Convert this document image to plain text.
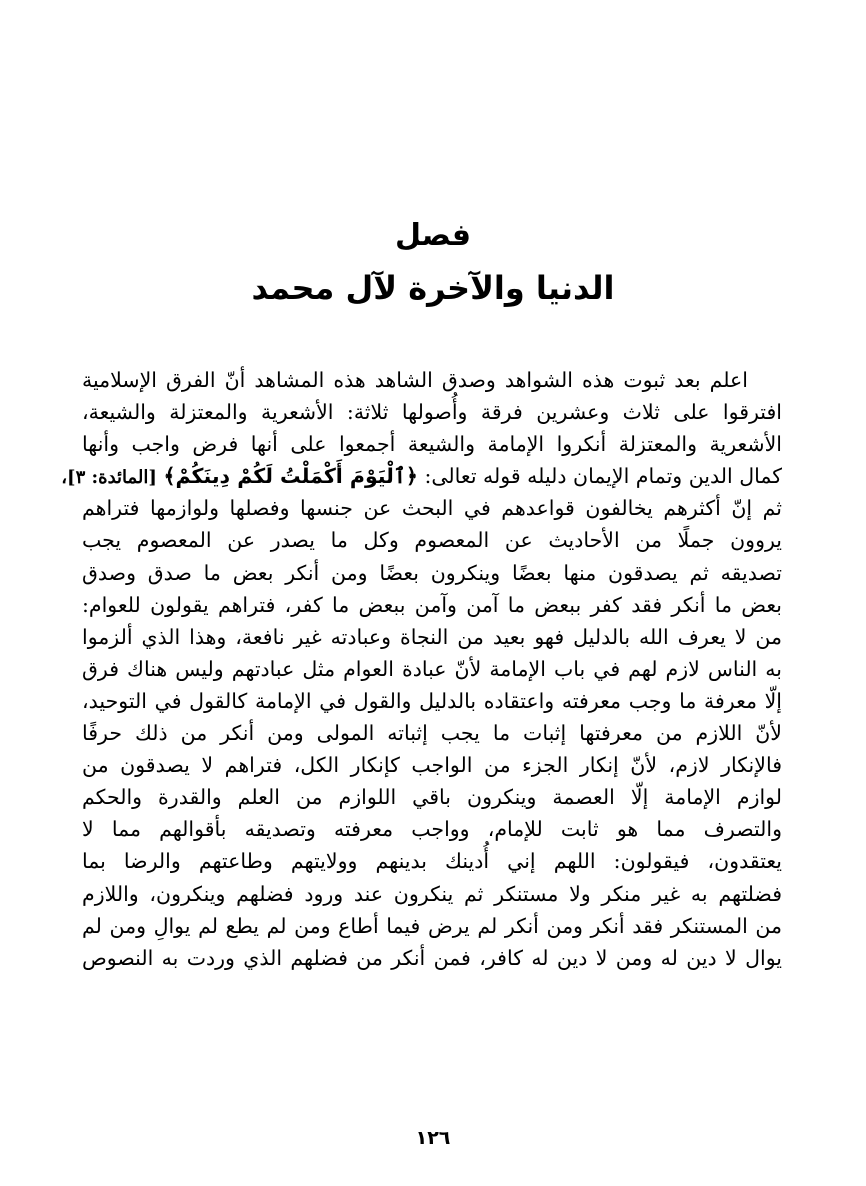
فصل
الدنيا والآخرة لآل محمد
اعلم بعد ثبوت هذه الشواهد وصدق الشاهد هذه المشاهد أنّ الفرق الإسلامية
افترقوا على ثلاث وعشرين فرقة وأُصولها ثلاثة: الأشعرية والمعتزلة والشيعة،
الأشعرية والمعتزلة أنكروا الإمامة والشيعة أجمعوا على أنها فرض واجب وأنها
كمال الدين وتمام الإيمان دليله قوله تعالى: ﴿ٱلْيَوْمَ أَكْمَلْتُ لَكُمْ دِينَكُمْ﴾ [المائدة: ٣]،
ثم إنّ أكثرهم يخالفون قواعدهم في البحث عن جنسها وفصلها ولوازمها فتراهم
يروون جملًا من الأحاديث عن المعصوم وكل ما يصدر عن المعصوم يجب
تصديقه ثم يصدقون منها بعضًا وينكرون بعضًا ومن أنكر بعض ما صدق وصدق
بعض ما أنكر فقد كفر ببعض ما آمن وآمن ببعض ما كفر، فتراهم يقولون للعوام:
من لا يعرف الله بالدليل فهو بعيد من النجاة وعبادته غير نافعة، وهذا الذي ألزموا
به الناس لازم لهم في باب الإمامة لأنّ عبادة العوام مثل عبادتهم وليس هناك فرق
إلّا معرفة ما وجب معرفته واعتقاده بالدليل والقول في الإمامة كالقول في التوحيد،
لأنّ اللازم من معرفتها إثبات ما يجب إثباته المولى ومن أنكر من ذلك حرفًا
فالإنكار لازم، لأنّ إنكار الجزء من الواجب كإنكار الكل، فتراهم لا يصدقون من
لوازم الإمامة إلّا العصمة وينكرون باقي اللوازم من العلم والقدرة والحكم
والتصرف مما هو ثابت للإمام، وواجب معرفته وتصديقه بأقوالهم مما لا
يعتقدون، فيقولون: اللهم إني أُدينك بدينهم وولايتهم وطاعتهم والرضا بما
فضلتهم به غير منكر ولا مستنكر ثم ينكرون عند ورود فضلهم وينكرون، واللازم
من المستنكر فقد أنكر ومن أنكر لم يرض فيما أطاع ومن لم يطع لم يوالِ ومن لم
يوال لا دين له ومن لا دين له كافر، فمن أنكر من فضلهم الذي وردت به النصوص
١٢٦
